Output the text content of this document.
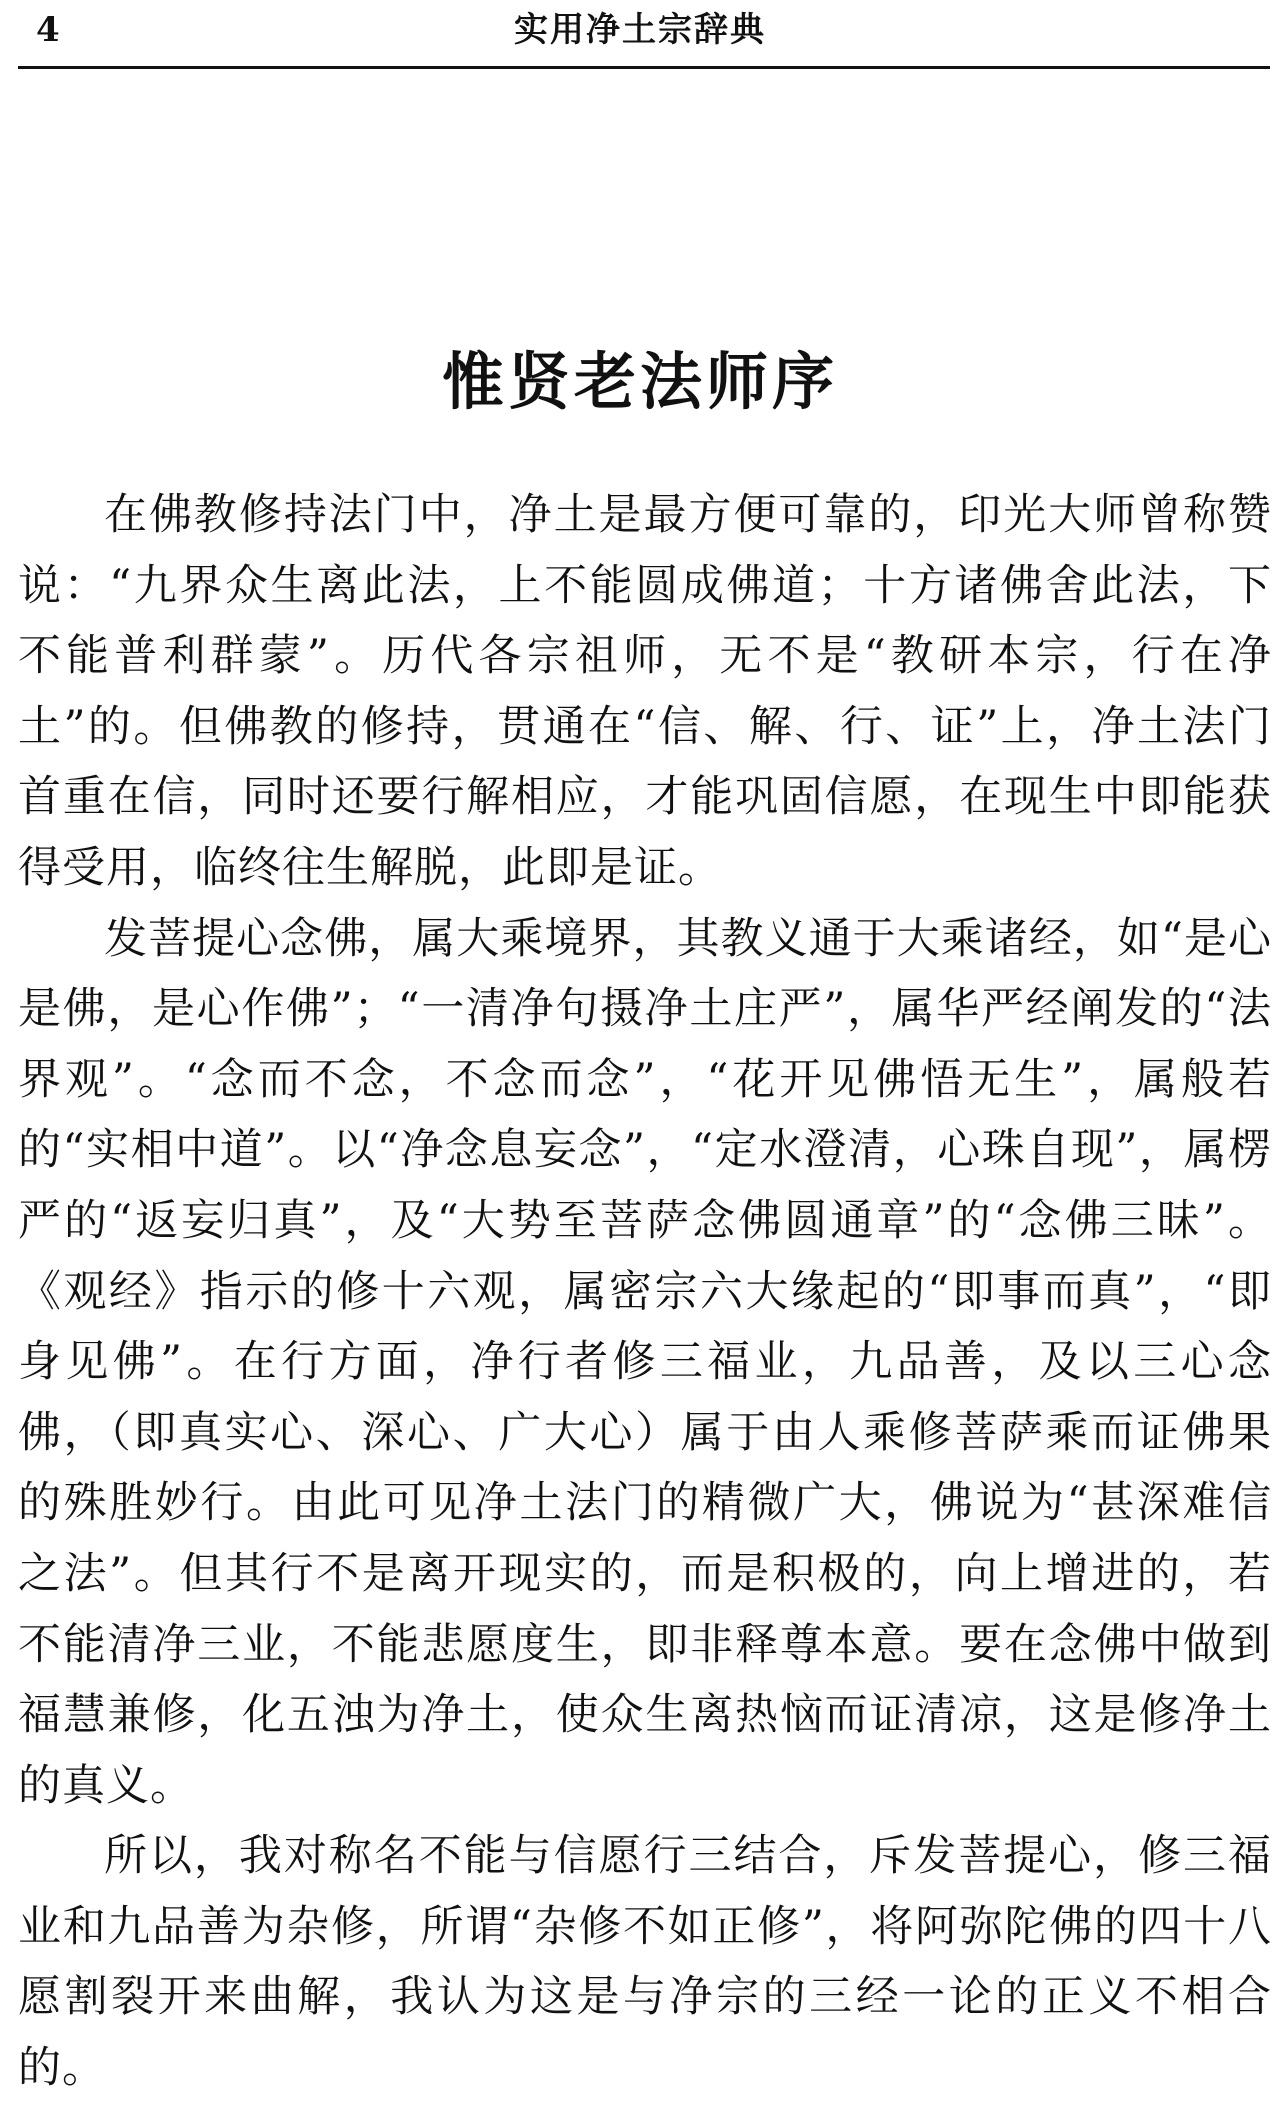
4	实用净土宗辞典
惟贤老法师序

在佛教修持法门中，净土是最方便可靠的，印光大师曾称赞说：“九界众生离此法，上不能圆成佛道；十方诸佛舍此法，下不能普利群蒙”。历代各宗祖师，无不是“教研本宗，行在净土”的。但佛教的修持，贯通在“信、解、行、证”上，净土法门首重在信，同时还要行解相应，才能巩固信愿，在现生中即能获得受用，临终往生解脱，此即是证。

发菩提心念佛，属大乘境界，其教义通于大乘诸经，如“是心是佛，是心作佛”；“一清净句摄净土庄严”，属华严经阐发的“法界观”。“念而不念，不念而念”，“花开见佛悟无生”，属般若的“实相中道”。以“净念息妄念”，“定水澄清，心珠自现”，属楞严的“返妄归真”，及“大势至菩萨念佛圆通章”的“念佛三昧”。《观经》指示的修十六观，属密宗六大缘起的“即事而真”，“即身见佛”。在行方面，净行者修三福业，九品善，及以三心念佛，（即真实心、深心、广大心）属于由人乘修菩萨乘而证佛果的殊胜妙行。由此可见净土法门的精微广大，佛说为“甚深难信之法”。但其行不是离开现实的，而是积极的，向上增进的，若不能清净三业，不能悲愿度生，即非释尊本意。要在念佛中做到福慧兼修，化五浊为净土，使众生离热恼而证清凉，这是修净土的真义。

所以，我对称名不能与信愿行三结合，斥发菩提心，修三福业和九品善为杂修，所谓“杂修不如正修”，将阿弥陀佛的四十八愿割裂开来曲解，我认为这是与净宗的三经一论的正义不相合的。
